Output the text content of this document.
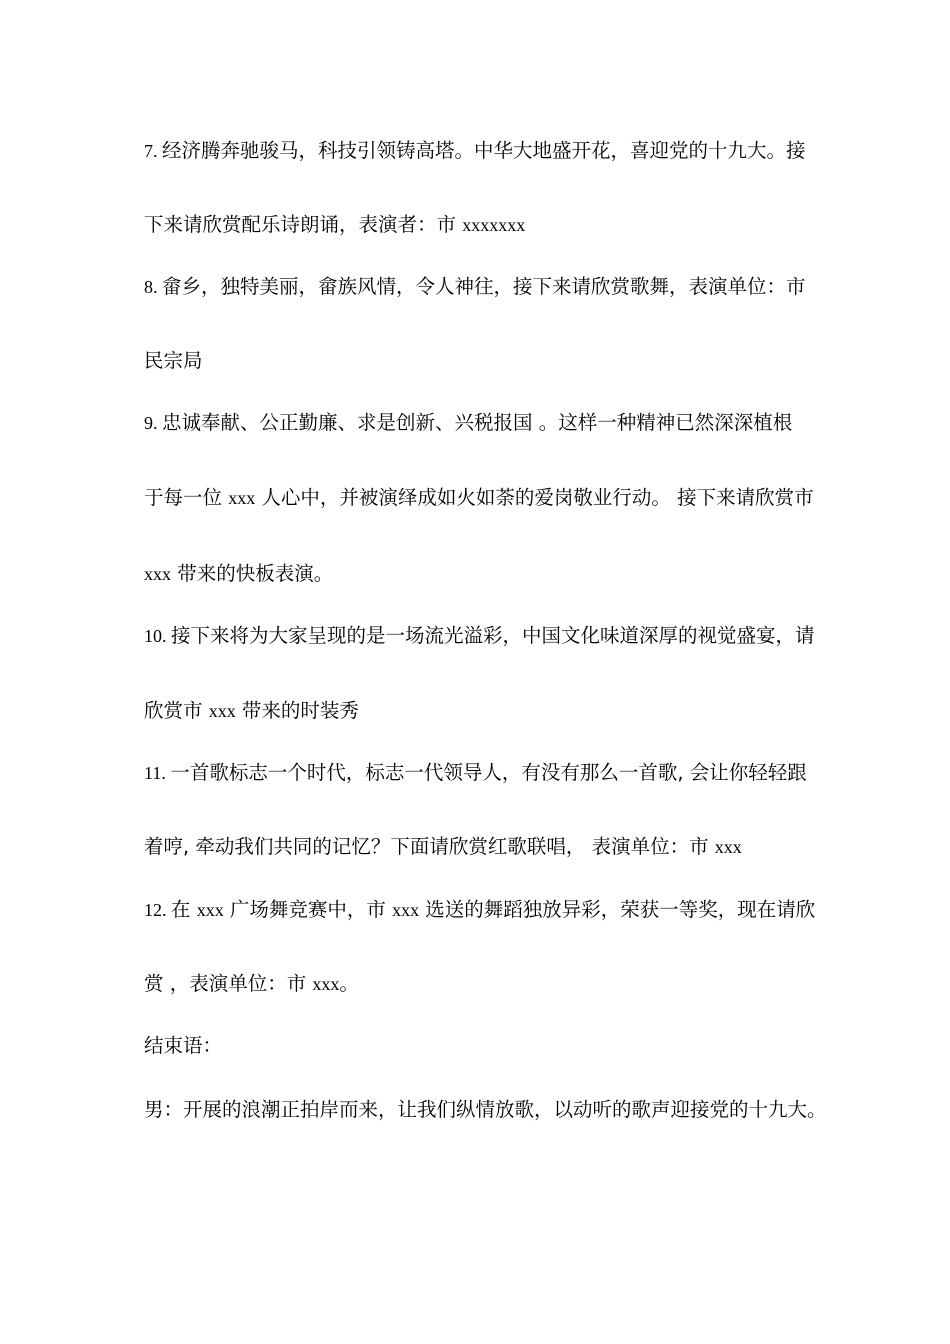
7. 经济腾奔驰骏马，科技引领铸高塔。中华大地盛开花，喜迎党的十九大。接
下来请欣赏配乐诗朗诵，表演者：市 xxxxxxx
8. 畲乡，独特美丽，畲族风情，令人神往，接下来请欣赏歌舞，表演单位：市
民宗局
9. 忠诚奉献、公正勤廉、求是创新、兴税报国 。这样一种精神已然深深植根
于每一位 xxx 人心中，并被演绎成如火如荼的爱岗敬业行动。 接下来请欣赏市
xxx 带来的快板表演。
10. 接下来将为大家呈现的是一场流光溢彩，中国文化味道深厚的视觉盛宴，请
欣赏市 xxx 带来的时装秀
11. 一首歌标志一个时代，标志一代领导人，有没有那么一首歌, 会让你轻轻跟
着哼, 牵动我们共同的记忆？下面请欣赏红歌联唱， 表演单位：市 xxx
12. 在 xxx 广场舞竞赛中，市 xxx 选送的舞蹈独放异彩，荣获一等奖，现在请欣
赏 ，表演单位：市 xxx。
结束语：
男：开展的浪潮正拍岸而来，让我们纵情放歌，以动听的歌声迎接党的十九大。
